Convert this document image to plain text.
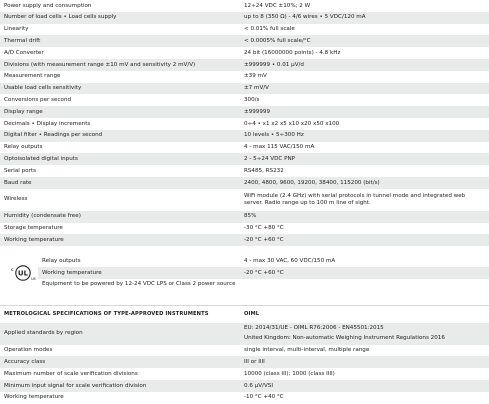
Power supply and consumption	12÷24 VDC ±10%; 2 W
Number of load cells • Load cells supply	up to 8 (350 Ω) - 4/6 wires • 5 VDC/120 mA
Linearity	< 0.01% full scale
Thermal drift	< 0.0005% full scale/°C
A/D Converter	24 bit (16000000 points) - 4.8 kHz
Divisions (with measurement range ±10 mV and sensitivity 2 mV/V)	±999999 • 0.01 µV/d
Measurement range	±39 mV
Usable load cells sensitivity	±7 mV/V
Conversions per second	300/s
Display range	±999999
Decimals • Display increments	0÷4 • x1 x2 x5 x10 x20 x50 x100
Digital filter • Readings per second	10 levels • 5÷300 Hz
Relay outputs	4 - max 115 VAC/150 mA
Optoisolated digital inputs	2 - 5÷24 VDC PNP
Serial ports	RS485, RS232
Baud rate	2400, 4800, 9600, 19200, 38400, 115200 (bit/s)
Wireless	WiFi module (2.4 GHz) with serial protocols in tunnel mode and integrated web server. Radio range up to 100 m line of sight.
Humidity (condensate free)	85%
Storage temperature	-30 °C +80 °C
Working temperature	-20 °C +60 °C
UL
c
us
	Relay outputs	4 - max 30 VAC, 60 VDC/150 mA
	Working temperature	-20 °C +60 °C
	Equipment to be powered by 12-24 VDC LPS or Class 2 power source	
METROLOGICAL SPECIFICATIONS OF TYPE-APPROVED INSTRUMENTS	OIML
Applied standards by region	EU: 2014/31/UE - OIML R76:2006 - EN45501:2015
United Kingdom: Non-automatic Weighing Instrument Regulations 2016

Operation modes	single interval, multi-interval, multiple range
Accuracy class	III or IIII
Maximum number of scale verification divisions	10000 (class III); 1000 (class IIII)
Minimum input signal for scale verification division	0.6 µV/VSI
Working temperature	-10 °C +40 °C
